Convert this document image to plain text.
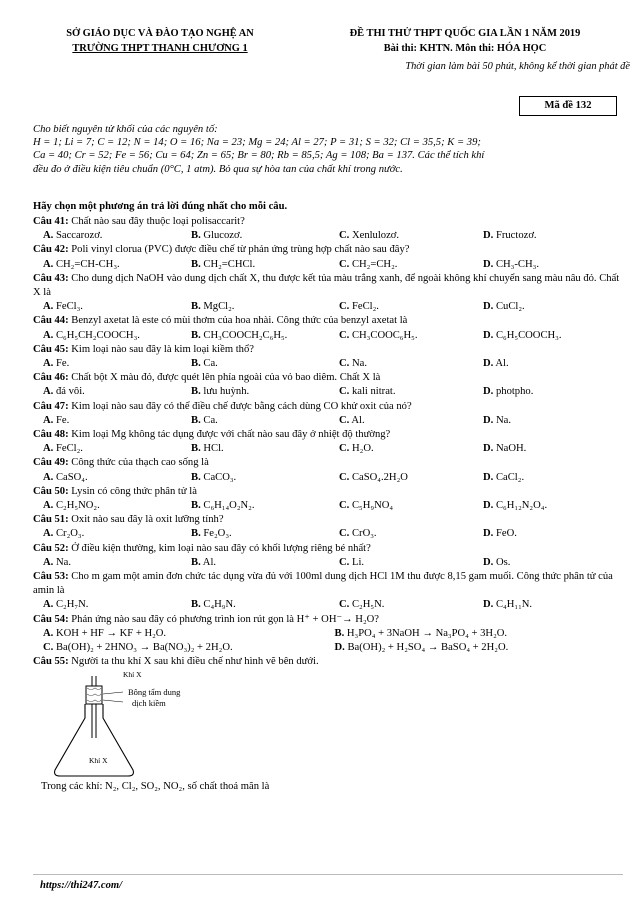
SỞ GIÁO DỤC VÀ ĐÀO TẠO NGHỆ AN
TRƯỜNG THPT THANH CHƯƠNG 1
ĐỀ THI THỬ THPT QUỐC GIA LẦN 1 NĂM 2019
Bài thi: KHTN. Môn thi: HÓA HỌC
Thời gian làm bài 50 phút, không kể thời gian phát đề
Mã đề 132
Cho biết nguyên tử khối của các nguyên tố:
H = 1; Li = 7; C = 12; N = 14; O = 16; Na = 23; Mg = 24; Al = 27; P = 31; S = 32; Cl = 35,5; K = 39;
Ca = 40; Cr = 52; Fe = 56; Cu = 64; Zn = 65; Br = 80; Rb = 85,5; Ag = 108; Ba = 137. Các thể tích khí
đều đo ở điều kiện tiêu chuẩn (0°C, 1 atm). Bỏ qua sự hòa tan của chất khí trong nước.
Hãy chọn một phương án trả lời đúng nhất cho mỗi câu.
Câu 41: Chất nào sau đây thuộc loại polisaccarit?
A. Saccarozơ.	B. Glucozơ.	C. Xenlulozơ.	D. Fructozơ.
Câu 42: Poli vinyl clorua (PVC) được điều chế từ phản ứng trùng hợp chất nào sau đây?
A. CH₂=CH-CH₃.	B. CH₂=CHCl.	C. CH₂=CH₂.	D. CH₃-CH₃.
Câu 43: Cho dung dịch NaOH vào dung dịch chất X, thu được kết tủa màu trắng xanh, để ngoài không khí chuyển sang màu nâu đỏ. Chất X là
A. FeCl₃.	B. MgCl₂.	C. FeCl₂.	D. CuCl₂.
Câu 44: Benzyl axetat là este có mùi thơm của hoa nhài. Công thức của benzyl axetat là
A. C₆H₅CH₂COOCH₃.	B. CH₃COOCH₂C₆H₅.	C. CH₃COOC₆H₅.	D. C₆H₅COOCH₃.
Câu 45: Kim loại nào sau đây là kim loại kiềm thổ?
A. Fe.	B. Ca.	C. Na.	D. Al.
Câu 46: Chất bột X màu đỏ, được quét lên phía ngoài của vỏ bao diêm. Chất X là
A. đá vôi.	B. lưu huỳnh.	C. kali nitrat.	D. photpho.
Câu 47: Kim loại nào sau đây có thể điều chế được bằng cách dùng CO khử oxit của nó?
A. Fe.	B. Ca.	C. Al.	D. Na.
Câu 48: Kim loại Mg không tác dụng được với chất nào sau đây ở nhiệt độ thường?
A. FeCl₂.	B. HCl.	C. H₂O.	D. NaOH.
Câu 49: Công thức của thạch cao sống là
A. CaSO₄.	B. CaCO₃.	C. CaSO₄.2H₂O	D. CaCl₂.
Câu 50: Lysin có công thức phân tử là
A. C₂H₅NO₂.	B. C₆H₁₄O₂N₂.	C. C₅H₉NO₄	D. C₆H₁₂N₂O₄.
Câu 51: Oxit nào sau đây là oxit lưỡng tính?
A. Cr₂O₃.	B. Fe₂O₃.	C. CrO₃.	D. FeO.
Câu 52: Ở điều kiện thường, kim loại nào sau đây có khối lượng riêng bé nhất?
A. Na.	B. Al.	C. Li.	D. Os.
Câu 53: Cho m gam một amin đơn chức tác dụng vừa đủ với 100ml dung dịch HCl 1M thu được 8,15 gam muối. Công thức phân tử của amin là
A. C₂H₇N.	B. C₄H₉N.	C. C₂H₅N.	D. C₄H₁₁N.
Câu 54: Phản ứng nào sau đây có phương trình ion rút gọn là H⁺ + OH⁻→ H₂O?
A. KOH + HF → KF + H₂O.	B. H₃PO₄ + 3NaOH → Na₃PO₄ + 3H₂O.
C. Ba(OH)₂ + 2HNO₃ → Ba(NO₃)₂ + 2H₂O.	D. Ba(OH)₂ + H₂SO₄ → BaSO₄ + 2H₂O.
Câu 55: Người ta thu khí X sau khi điều chế như hình vẽ bên dưới.
Khí X
Bông tẩm dung
dịch kiềm
Khí X
Trong các khí: N₂, Cl₂, SO₂, NO₂, số chất thoả mãn là
https://thi247.com/
